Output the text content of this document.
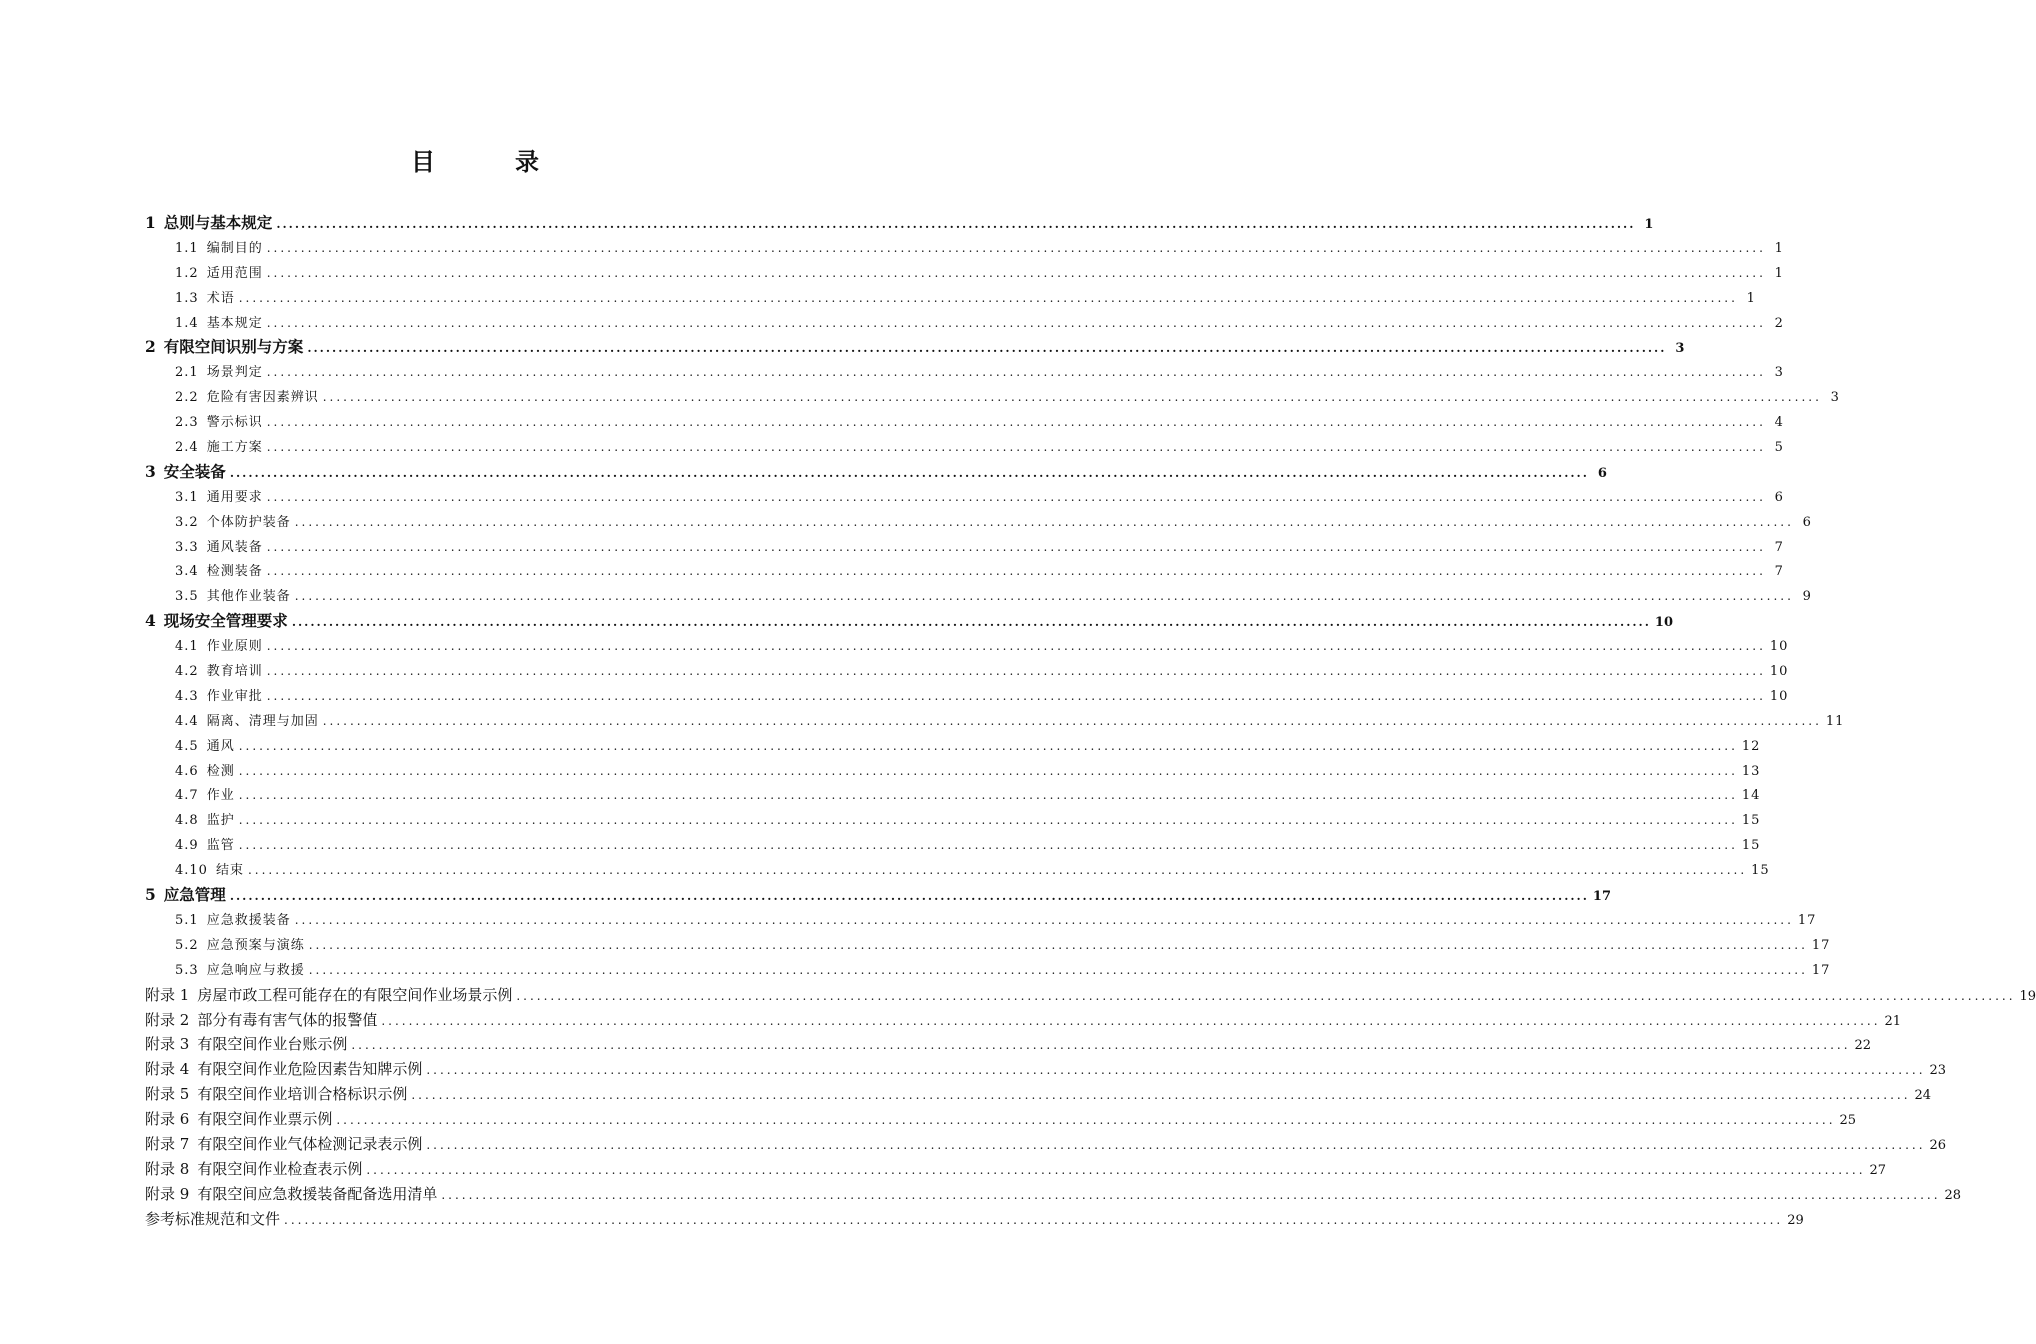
目　录
1 总则与基本规定 ............................................................................................................................................................................................................................ 1
1.1 编制目的 ............................................................................................................................................................................................................................ 1
1.2 适用范围 ............................................................................................................................................................................................................................ 1
1.3 术语 ............................................................................................................................................................................................................................ 1
1.4 基本规定 ............................................................................................................................................................................................................................ 2
2 有限空间识别与方案 ............................................................................................................................................................................................................................ 3
2.1 场景判定 ............................................................................................................................................................................................................................ 3
2.2 危险有害因素辨识 ............................................................................................................................................................................................................................ 3
2.3 警示标识 ............................................................................................................................................................................................................................ 4
2.4 施工方案 ............................................................................................................................................................................................................................ 5
3 安全装备 ............................................................................................................................................................................................................................ 6
3.1 通用要求 ............................................................................................................................................................................................................................ 6
3.2 个体防护装备 ............................................................................................................................................................................................................................ 6
3.3 通风装备 ............................................................................................................................................................................................................................ 7
3.4 检测装备 ............................................................................................................................................................................................................................ 7
3.5 其他作业装备 ............................................................................................................................................................................................................................ 9
4 现场安全管理要求 ............................................................................................................................................................................................................................ 10
4.1 作业原则 ............................................................................................................................................................................................................................ 10
4.2 教育培训 ............................................................................................................................................................................................................................ 10
4.3 作业审批 ............................................................................................................................................................................................................................ 10
4.4 隔离、清理与加固 ............................................................................................................................................................................................................................ 11
4.5 通风 ............................................................................................................................................................................................................................ 12
4.6 检测 ............................................................................................................................................................................................................................ 13
4.7 作业 ............................................................................................................................................................................................................................ 14
4.8 监护 ............................................................................................................................................................................................................................ 15
4.9 监管 ............................................................................................................................................................................................................................ 15
4.10 结束 ............................................................................................................................................................................................................................ 15
5 应急管理 ............................................................................................................................................................................................................................ 17
5.1 应急救援装备 ............................................................................................................................................................................................................................ 17
5.2 应急预案与演练 ............................................................................................................................................................................................................................ 17
5.3 应急响应与救援 ............................................................................................................................................................................................................................ 17
附录 1 房屋市政工程可能存在的有限空间作业场景示例 ............................................................................................................................................................................................................................ 19
附录 2 部分有毒有害气体的报警值 ............................................................................................................................................................................................................................ 21
附录 3 有限空间作业台账示例 ............................................................................................................................................................................................................................ 22
附录 4 有限空间作业危险因素告知牌示例 ............................................................................................................................................................................................................................ 23
附录 5 有限空间作业培训合格标识示例 ............................................................................................................................................................................................................................ 24
附录 6 有限空间作业票示例 ............................................................................................................................................................................................................................ 25
附录 7 有限空间作业气体检测记录表示例 ............................................................................................................................................................................................................................ 26
附录 8 有限空间作业检查表示例 ............................................................................................................................................................................................................................ 27
附录 9 有限空间应急救援装备配备选用清单 ............................................................................................................................................................................................................................ 28
参考标准规范和文件 ............................................................................................................................................................................................................................ 29
